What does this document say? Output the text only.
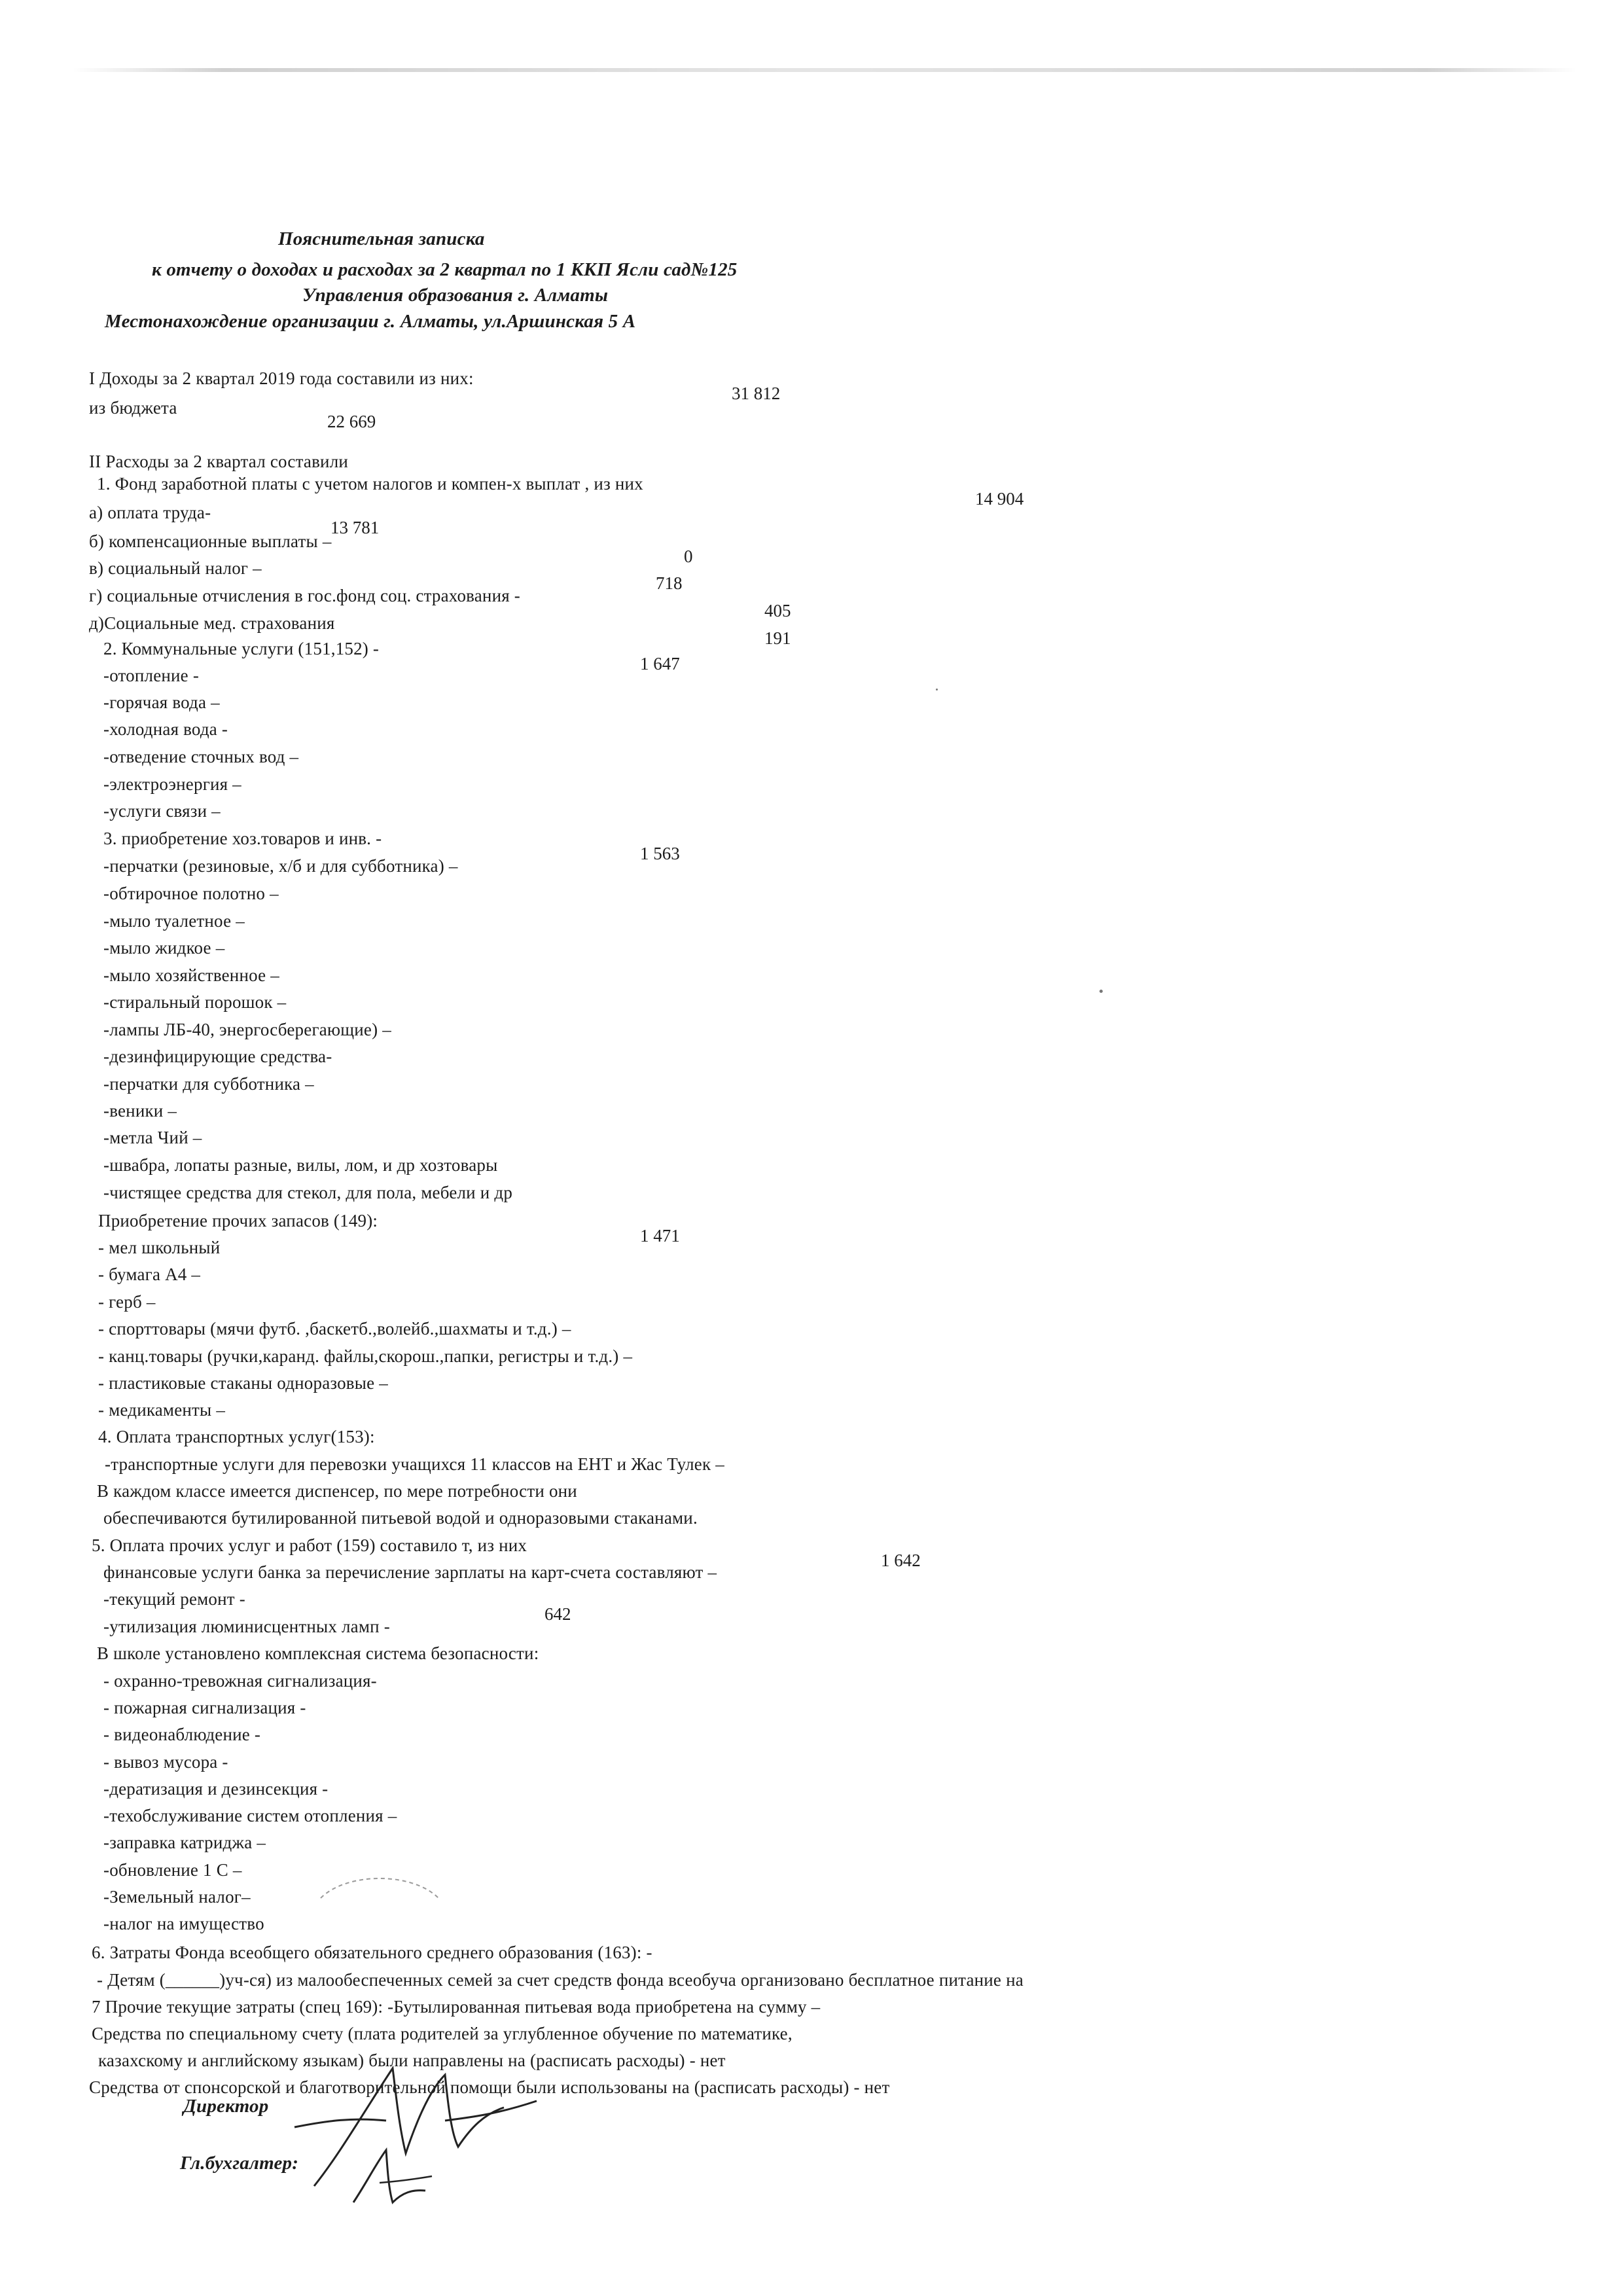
Пояснительная записка

к отчету о доходах и расходах за 2 квартал по 1 ККП Ясли сад№125

Управления образования г. Алматы

Местонахождение организации г. Алматы, ул.Аршинская 5 А

I Доходы за 2 квартал 2019 года составили из них:

31 812

из бюджета

22 669

II Расходы за 2 квартал составили

1. Фонд заработной платы с учетом налогов и компен-х выплат , из них

14 904

а) оплата труда-

13 781

б) компенсационные выплаты –

0

в) социальный налог –

718

г) социальные отчисления в гос.фонд соц. страхования -

405

д)Социальные мед. страхования

191

2. Коммунальные услуги (151,152) -

1 647

-отопление -

-горячая вода –

-холодная вода -

-отведение сточных вод –

-электроэнергия –

-услуги связи –

3. приобретение хоз.товаров и инв. -

1 563

-перчатки (резиновые, х/б и для субботника) –

-обтирочное полотно –

-мыло туалетное –

-мыло жидкое –

-мыло хозяйственное –

-стиральный порошок –

-лампы ЛБ-40, энергосберегающие) –

-дезинфицирующие средства-

-перчатки для субботника –

-веники –

-метла Чий –

-швабра, лопаты разные, вилы, лом, и др хозтовары

-чистящее средства для стекол, для пола, мебели и др

Приобретение прочих запасов (149):

1 471

- мел школьный

- бумага А4 –

- герб –

- спорттовары (мячи футб. ,баскетб.,волейб.,шахматы и т.д.) –

- канц.товары (ручки,каранд. файлы,скорош.,папки, регистры и т.д.) –

- пластиковые стаканы одноразовые –

- медикаменты –

4. Оплата транспортных услуг(153):

-транспортные услуги для перевозки учащихся 11 классов на ЕНТ и Жас Тулек –

В каждом классе имеется диспенсер, по мере потребности они

обеспечиваются бутилированной питьевой водой и одноразовыми стаканами.

5. Оплата прочих услуг и работ (159) составило т, из них

1 642

финансовые услуги банка за перечисление зарплаты на карт-счета составляют –

-текущий ремонт -

642

-утилизация люминисцентных ламп -

В школе установлено комплексная система безопасности:

- охранно-тревожная сигнализация-

- пожарная сигнализация -

- видеонаблюдение -

- вывоз мусора -

-дератизация и дезинсекция -

-техобслуживание систем отопления –

-заправка катриджа –

-обновление 1 С –

-Земельный налог–

-налог на имущество

6. Затраты Фонда всеобщего обязательного среднего образования (163): -

- Детям (______)уч-ся) из малообеспеченных семей за счет средств фонда всеобуча организовано бесплатное питание на

7 Прочие текущие затраты (спец 169): -Бутылированная питьевая вода приобретена на сумму –

Средства по специальному счету (плата родителей за углубленное обучение по математике,

казахскому и английскому языкам) были направлены на (расписать расходы) - нет

Средства от спонсорской и благотворительной помощи были использованы на (расписать расходы) - нет

Директор

Гл.бухгалтер:
